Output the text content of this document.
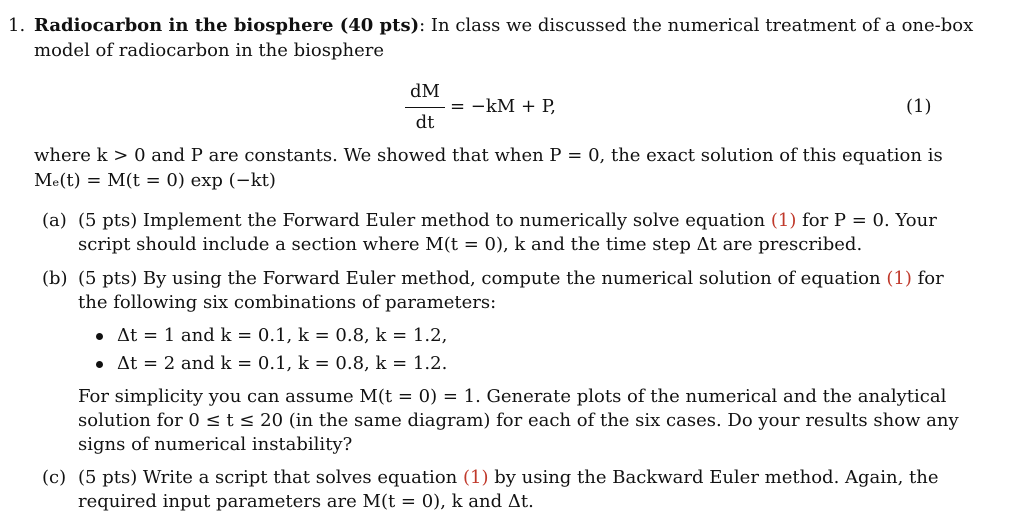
1. Radiocarbon in the biosphere (40 pts): In class we discussed the numerical treatment of a one-box
model of radiocarbon in the biosphere
dM
dt
= −kM + P,	(1)
where k > 0 and P are constants. We showed that when P = 0, the exact solution of this equation is
Mₑ(t) = M(t = 0) exp (−kt)
(a) (5 pts) Implement the Forward Euler method to numerically solve equation (1) for P = 0. Your
script should include a section where M(t = 0), k and the time step Δt are prescribed.
(b) (5 pts) By using the Forward Euler method, compute the numerical solution of equation (1) for
the following six combinations of parameters:
Δt = 1 and k = 0.1, k = 0.8, k = 1.2,
Δt = 2 and k = 0.1, k = 0.8, k = 1.2.
For simplicity you can assume M(t = 0) = 1. Generate plots of the numerical and the analytical
solution for 0 ≤ t ≤ 20 (in the same diagram) for each of the six cases. Do your results show any
signs of numerical instability?
(c) (5 pts) Write a script that solves equation (1) by using the Backward Euler method. Again, the
required input parameters are M(t = 0), k and Δt.
